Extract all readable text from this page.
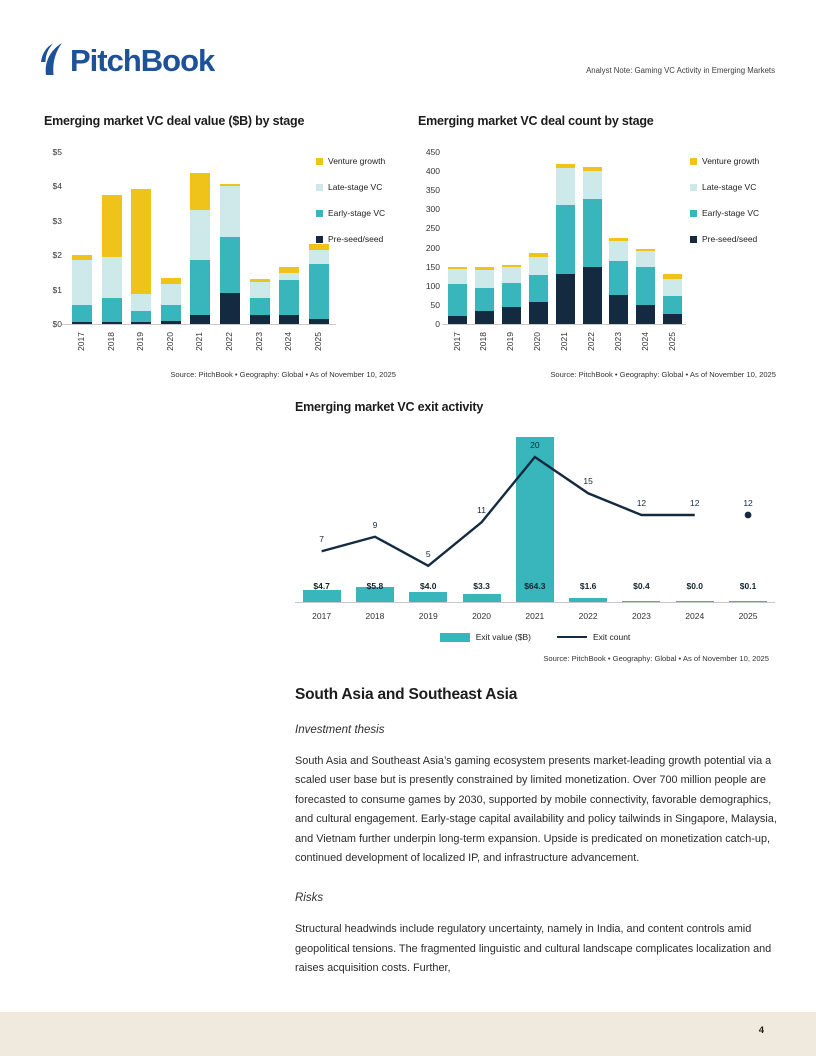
PitchBook	Analyst Note: Gaming VC Activity in Emerging Markets
Emerging market VC deal value ($B) by stage
$5
$4
$3
$2
$1
$0
2017 2018 2019 2020 2021 2022 2023 2024 2025
Venture growth
Late-stage VC
Early-stage VC
Pre-seed/seed
Source: PitchBook • Geography: Global • As of November 10, 2025
Emerging market VC deal count by stage
450
400
350
300
250
200
150
100
50
0
2017 2018 2019 2020 2021 2022 2023 2024 2025
Venture growth
Late-stage VC
Early-stage VC
Pre-seed/seed
Source: PitchBook • Geography: Global • As of November 10, 2025
Emerging market VC exit activity
2017	2018	2019	2020	2021	2022	2023	2024	2025
$4.7
7
$5.8
9
$4.0
5
$3.3
11
$64.3
20
$1.6
15
$0.4
12
$0.0
12
$0.1
12
Exit value ($B)	Exit count
Source: PitchBook • Geography: Global • As of November 10, 2025
South Asia and Southeast Asia
Investment thesis

South Asia and Southeast Asia’s gaming ecosystem presents market-leading growth potential via a scaled user base but is presently constrained by limited monetization. Over 700 million people are forecasted to consume games by 2030, supported by mobile connectivity, favorable demographics, and cultural engagement. Early-stage capital availability and policy tailwinds in Singapore, Malaysia, and Vietnam further underpin long-term expansion. Upside is predicated on monetization catch-up, continued development of localized IP, and infrastructure advancement.

Risks

Structural headwinds include regulatory uncertainty, namely in India, and content controls amid geopolitical tensions. The fragmented linguistic and cultural landscape complicates localization and raises acquisition costs. Further,

4
